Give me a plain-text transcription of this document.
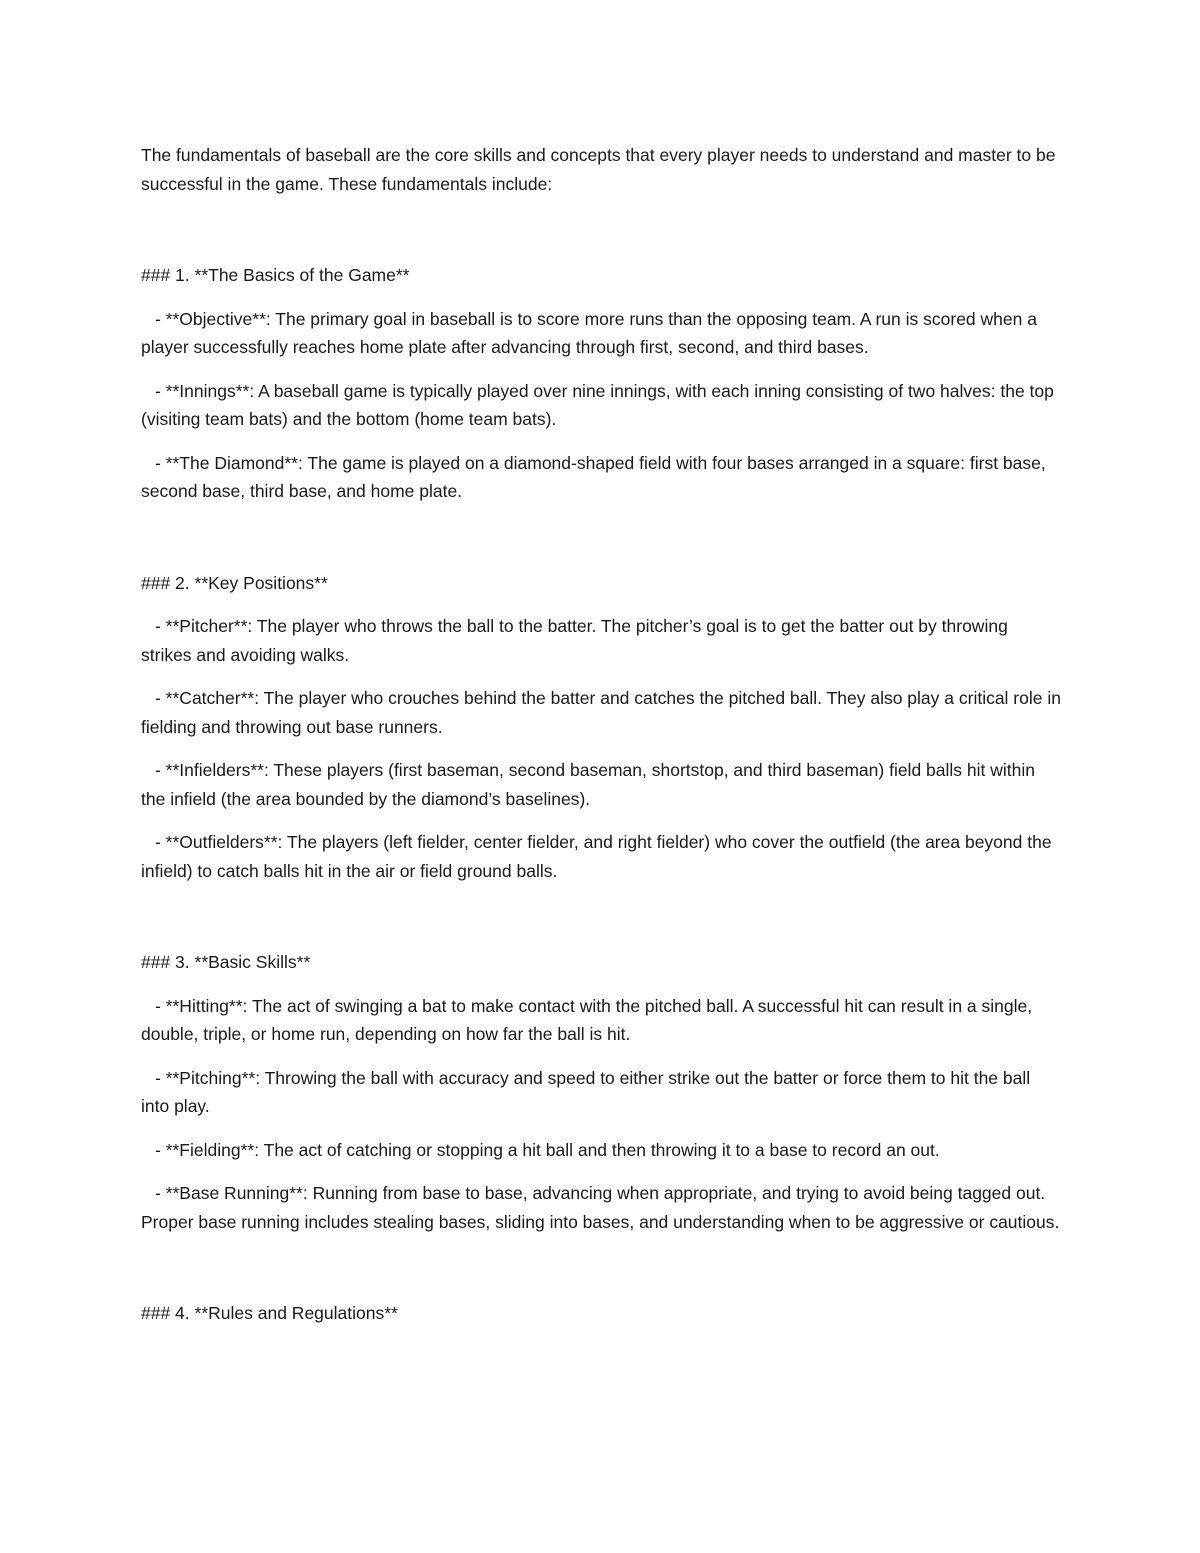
The fundamentals of baseball are the core skills and concepts that every player needs to understand and master to be successful in the game. These fundamentals include:

### 1. **The Basics of the Game**

- **Objective**: The primary goal in baseball is to score more runs than the opposing team. A run is scored when a player successfully reaches home plate after advancing through first, second, and third bases.

- **Innings**: A baseball game is typically played over nine innings, with each inning consisting of two halves: the top (visiting team bats) and the bottom (home team bats).

- **The Diamond**: The game is played on a diamond-shaped field with four bases arranged in a square: first base, second base, third base, and home plate.

### 2. **Key Positions**

- **Pitcher**: The player who throws the ball to the batter. The pitcher’s goal is to get the batter out by throwing strikes and avoiding walks.

- **Catcher**: The player who crouches behind the batter and catches the pitched ball. They also play a critical role in fielding and throwing out base runners.

- **Infielders**: These players (first baseman, second baseman, shortstop, and third baseman) field balls hit within the infield (the area bounded by the diamond’s baselines).

- **Outfielders**: The players (left fielder, center fielder, and right fielder) who cover the outfield (the area beyond the infield) to catch balls hit in the air or field ground balls.

### 3. **Basic Skills**

- **Hitting**: The act of swinging a bat to make contact with the pitched ball. A successful hit can result in a single, double, triple, or home run, depending on how far the ball is hit.

- **Pitching**: Throwing the ball with accuracy and speed to either strike out the batter or force them to hit the ball into play.

- **Fielding**: The act of catching or stopping a hit ball and then throwing it to a base to record an out.

- **Base Running**: Running from base to base, advancing when appropriate, and trying to avoid being tagged out. Proper base running includes stealing bases, sliding into bases, and understanding when to be aggressive or cautious.

### 4. **Rules and Regulations**
